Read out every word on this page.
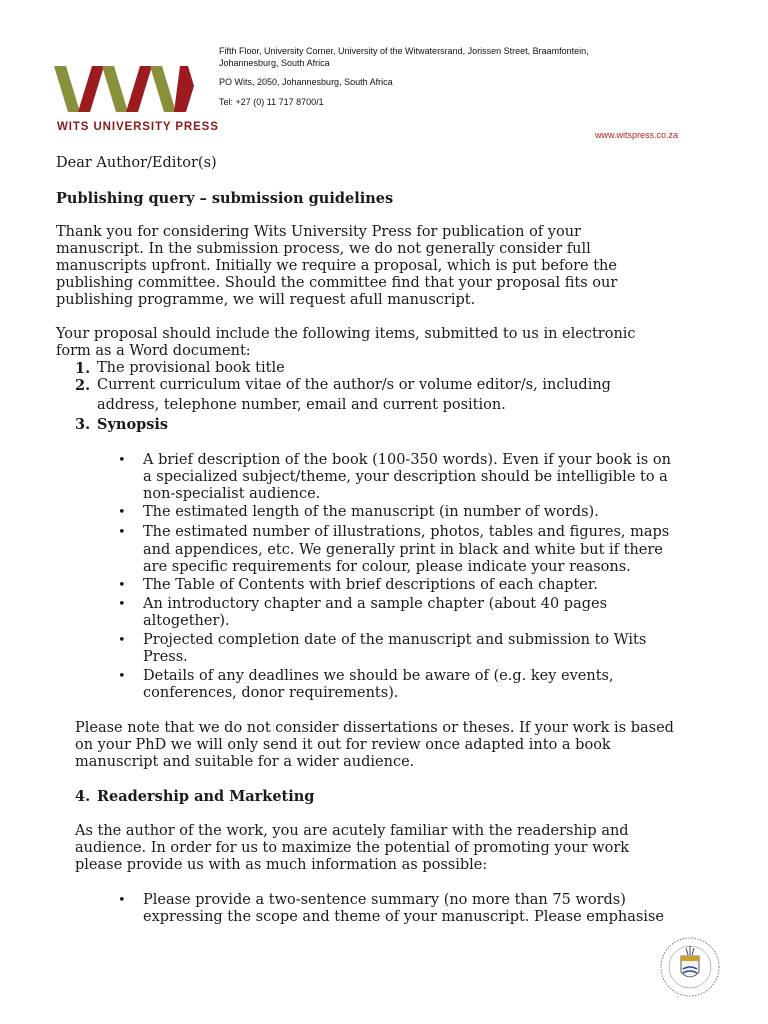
WITS UNIVERSITY PRESS
Fifth Floor, University Corner, University of the Witwatersrand, Jorissen Street, Braamfontein,
Johannesburg, South Africa
PO Wits, 2050, Johannesburg, South Africa
Tel: +27 (0) 11 717 8700/1
www.witspress.co.za

Dear Author/Editor(s)

Publishing query – submission guidelines

Thank you for considering Wits University Press for publication of your

manuscript. In the submission process, we do not generally consider full

manuscripts upfront. Initially we require a proposal, which is put before the

publishing committee. Should the committee find that your proposal fits our

publishing programme, we will request afull manuscript.

Your proposal should include the following items, submitted to us in electronic

form as a Word document:

1. The provisional book title

2. Current curriculum vitae of the author/s or volume editor/s, including

address, telephone number, email and current position.

3. Synopsis

• A brief description of the book (100-350 words). Even if your book is on

a specialized subject/theme, your description should be intelligible to a

non-specialist audience.

• The estimated length of the manuscript (in number of words).

• The estimated number of illustrations, photos, tables and figures, maps

and appendices, etc. We generally print in black and white but if there

are specific requirements for colour, please indicate your reasons.

• The Table of Contents with brief descriptions of each chapter.

• An introductory chapter and a sample chapter (about 40 pages

altogether).

• Projected completion date of the manuscript and submission to Wits

Press.

• Details of any deadlines we should be aware of (e.g. key events,

conferences, donor requirements).

Please note that we do not consider dissertations or theses. If your work is based

on your PhD we will only send it out for review once adapted into a book

manuscript and suitable for a wider audience.

4. Readership and Marketing

As the author of the work, you are acutely familiar with the readership and

audience. In order for us to maximize the potential of promoting your work

please provide us with as much information as possible:

• Please provide a two-sentence summary (no more than 75 words)

expressing the scope and theme of your manuscript. Please emphasise
